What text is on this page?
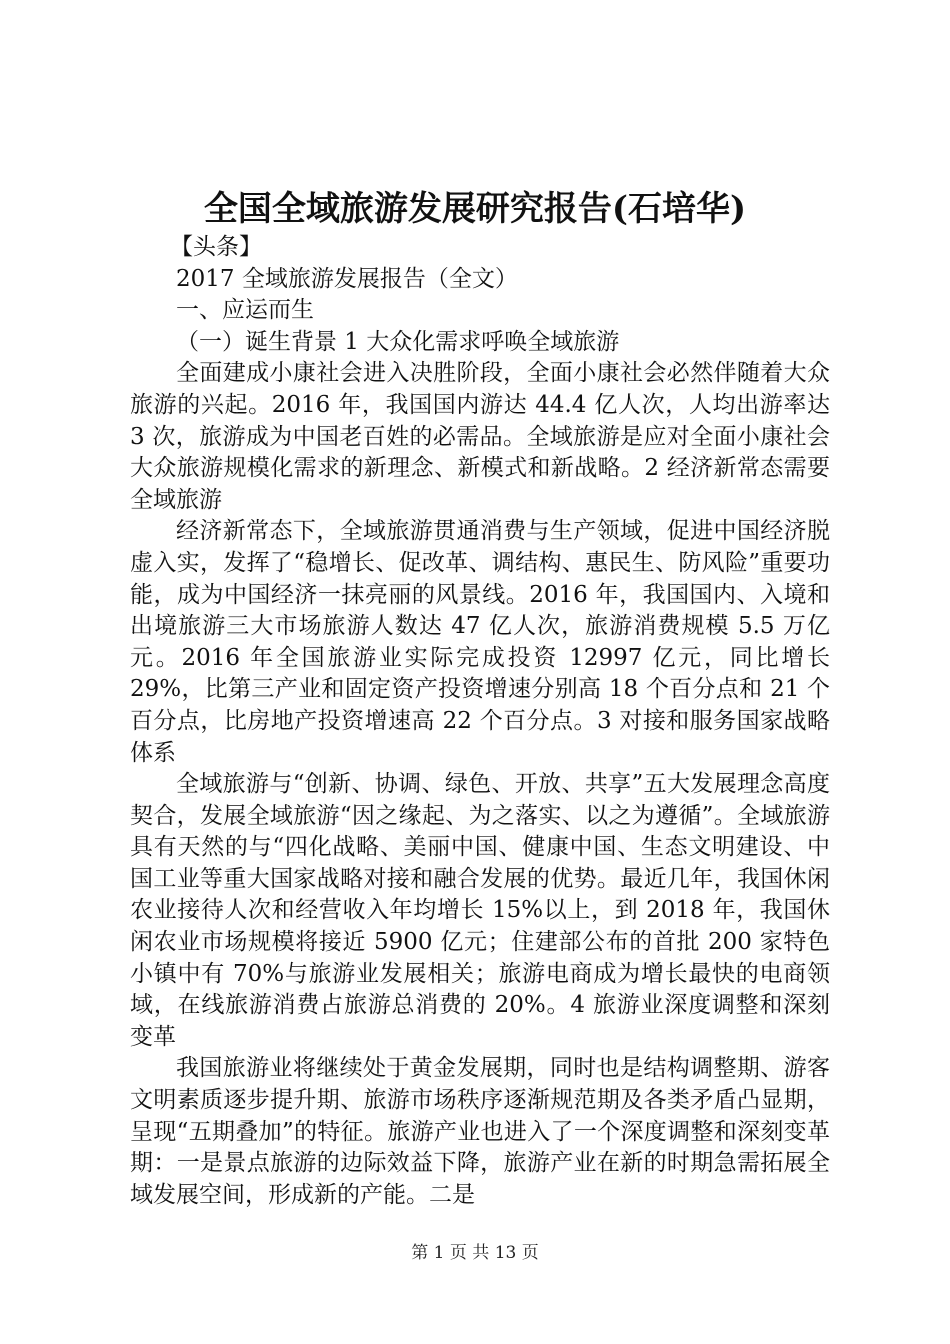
全国全域旅游发展研究报告(石培华)

【头条】

2017 全域旅游发展报告（全文）

一、应运而生

（一）诞生背景 1 大众化需求呼唤全域旅游

全面建成小康社会进入决胜阶段，全面小康社会必然伴随着大众旅游的兴起。2016 年，我国国内游达 44.4 亿人次，人均出游率达 3 次，旅游成为中国老百姓的必需品。全域旅游是应对全面小康社会大众旅游规模化需求的新理念、新模式和新战略。2 经济新常态需要全域旅游

经济新常态下，全域旅游贯通消费与生产领域，促进中国经济脱虚入实，发挥了“稳增长、促改革、调结构、惠民生、防风险”重要功能，成为中国经济一抹亮丽的风景线。2016 年，我国国内、入境和出境旅游三大市场旅游人数达 47 亿人次，旅游消费规模 5.5 万亿元。2016 年全国旅游业实际完成投资 12997 亿元，同比增长 29%，比第三产业和固定资产投资增速分别高 18 个百分点和 21 个百分点，比房地产投资增速高 22 个百分点。3 对接和服务国家战略体系

全域旅游与“创新、协调、绿色、开放、共享”五大发展理念高度契合，发展全域旅游“因之缘起、为之落实、以之为遵循”。全域旅游具有天然的与“四化战略、美丽中国、健康中国、生态文明建设、中国工业等重大国家战略对接和融合发展的优势。最近几年，我国休闲农业接待人次和经营收入年均增长 15%以上，到 2018 年，我国休闲农业市场规模将接近 5900 亿元；住建部公布的首批 200 家特色小镇中有 70%与旅游业发展相关；旅游电商成为增长最快的电商领域，在线旅游消费占旅游总消费的 20%。4 旅游业深度调整和深刻变革

我国旅游业将继续处于黄金发展期，同时也是结构调整期、游客文明素质逐步提升期、旅游市场秩序逐渐规范期及各类矛盾凸显期，呈现“五期叠加”的特征。旅游产业也进入了一个深度调整和深刻变革期：一是景点旅游的边际效益下降，旅游产业在新的时期急需拓展全域发展空间，形成新的产能。二是

第 1 页 共 13 页
